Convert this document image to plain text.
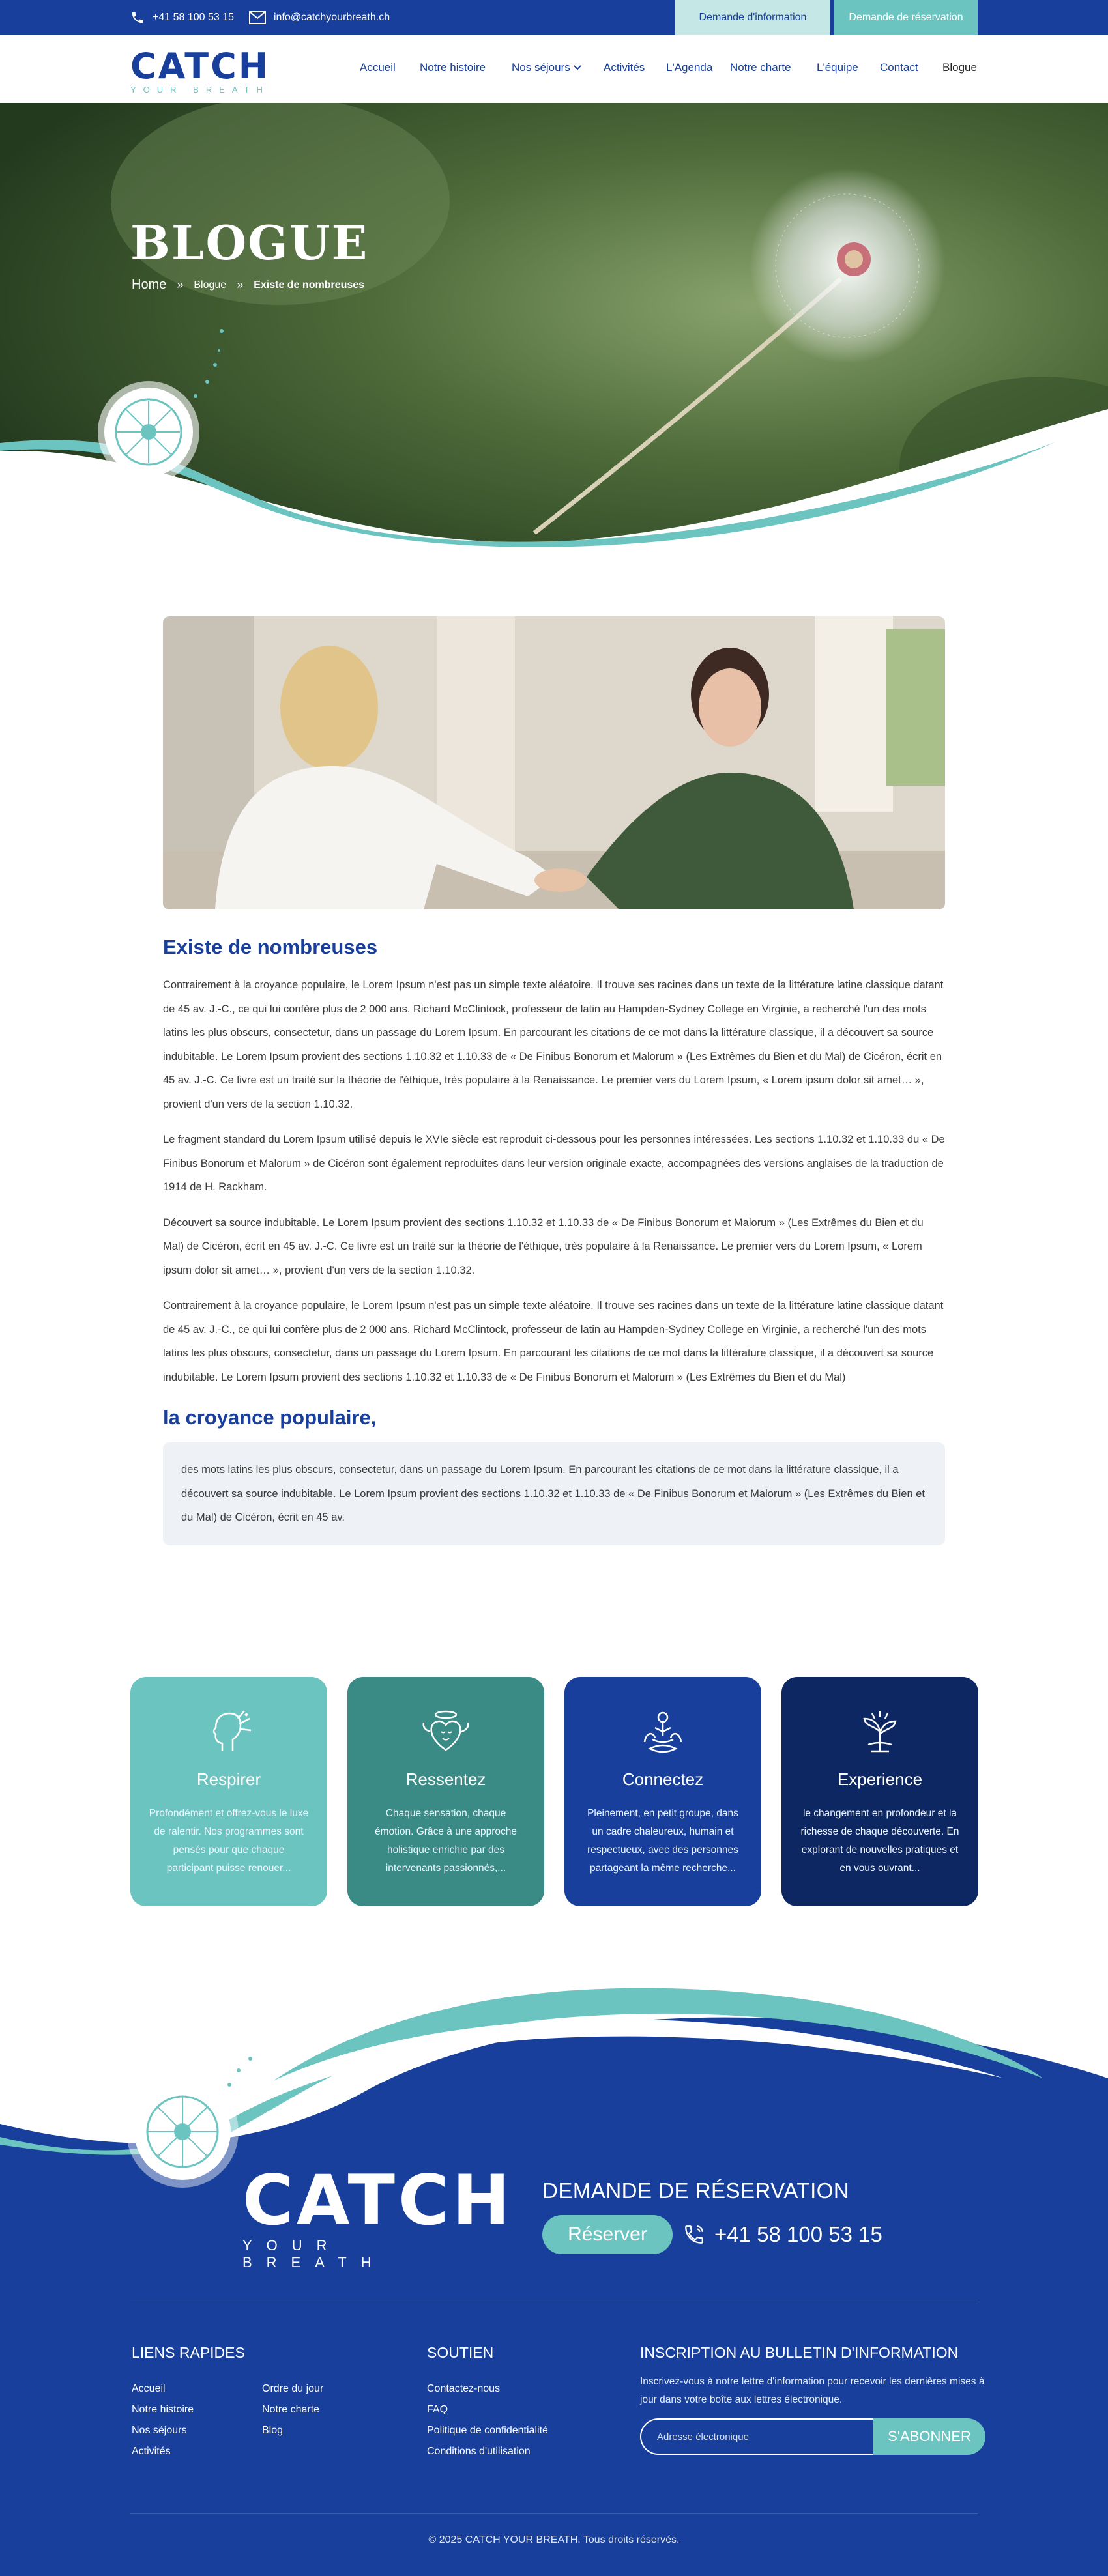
+41 58 100 53 15	info@catchyourbreath.ch	Demande d'information	Demande de réservation
CATCH
YOUR BREATH
Accueil Notre histoire Nos séjours	Activités L'Agenda Notre charte L'équipe Contact Blogue
BLOGUE
Home » Blogue » Existe de nombreuses
Existe de nombreuses

Contrairement à la croyance populaire, le Lorem Ipsum n'est pas un simple texte aléatoire. Il trouve ses racines dans un texte de la littérature latine classique datant de 45 av. J.-C., ce qui lui confère plus de 2 000 ans. Richard McClintock, professeur de latin au Hampden-Sydney College en Virginie, a recherché l'un des mots latins les plus obscurs, consectetur, dans un passage du Lorem Ipsum. En parcourant les citations de ce mot dans la littérature classique, il a découvert sa source indubitable. Le Lorem Ipsum provient des sections 1.10.32 et 1.10.33 de « De Finibus Bonorum et Malorum » (Les Extrêmes du Bien et du Mal) de Cicéron, écrit en 45 av. J.-C. Ce livre est un traité sur la théorie de l'éthique, très populaire à la Renaissance. Le premier vers du Lorem Ipsum, « Lorem ipsum dolor sit amet… », provient d'un vers de la section 1.10.32.

Le fragment standard du Lorem Ipsum utilisé depuis le XVIe siècle est reproduit ci-dessous pour les personnes intéressées. Les sections 1.10.32 et 1.10.33 du « De Finibus Bonorum et Malorum » de Cicéron sont également reproduites dans leur version originale exacte, accompagnées des versions anglaises de la traduction de 1914 de H. Rackham.

Découvert sa source indubitable. Le Lorem Ipsum provient des sections 1.10.32 et 1.10.33 de « De Finibus Bonorum et Malorum » (Les Extrêmes du Bien et du Mal) de Cicéron, écrit en 45 av. J.-C. Ce livre est un traité sur la théorie de l'éthique, très populaire à la Renaissance. Le premier vers du Lorem Ipsum, « Lorem ipsum dolor sit amet… », provient d'un vers de la section 1.10.32.

Contrairement à la croyance populaire, le Lorem Ipsum n'est pas un simple texte aléatoire. Il trouve ses racines dans un texte de la littérature latine classique datant de 45 av. J.-C., ce qui lui confère plus de 2 000 ans. Richard McClintock, professeur de latin au Hampden-Sydney College en Virginie, a recherché l'un des mots latins les plus obscurs, consectetur, dans un passage du Lorem Ipsum. En parcourant les citations de ce mot dans la littérature classique, il a découvert sa source indubitable. Le Lorem Ipsum provient des sections 1.10.32 et 1.10.33 de « De Finibus Bonorum et Malorum » (Les Extrêmes du Bien et du Mal)

la croyance populaire,
des mots latins les plus obscurs, consectetur, dans un passage du Lorem Ipsum. En parcourant les citations de ce mot dans la littérature classique, il a découvert sa source indubitable. Le Lorem Ipsum provient des sections 1.10.32 et 1.10.33 de « De Finibus Bonorum et Malorum » (Les Extrêmes du Bien et du Mal) de Cicéron, écrit en 45 av.
Respirer

Profondément et offrez-vous le luxe de ralentir. Nos programmes sont pensés pour que chaque participant puisse renouer...

Ressentez

Chaque sensation, chaque émotion. Grâce à une approche holistique enrichie par des intervenants passionnés,...

Connectez

Pleinement, en petit groupe, dans un cadre chaleureux, humain et respectueux, avec des personnes partageant la même recherche...

Experience

le changement en profondeur et la richesse de chaque découverte. En explorant de nouvelles pratiques et en vous ouvrant...

CATCH
YOUR BREATH
DEMANDE DE RÉSERVATION
Réserver	+41 58 100 53 15
LIENS RAPIDES
Accueil
Notre histoire
Nos séjours
Activités
Ordre du jour
Notre charte
Blog
SOUTIEN
Contactez-nous
FAQ
Politique de confidentialité
Conditions d'utilisation
INSCRIPTION AU BULLETIN D'INFORMATION
Inscrivez-vous à notre lettre d'information pour recevoir les dernières mises à jour dans votre boîte aux lettres électronique.
Adresse électronique
S'ABONNER
© 2025 CATCH YOUR BREATH. Tous droits réservés.
